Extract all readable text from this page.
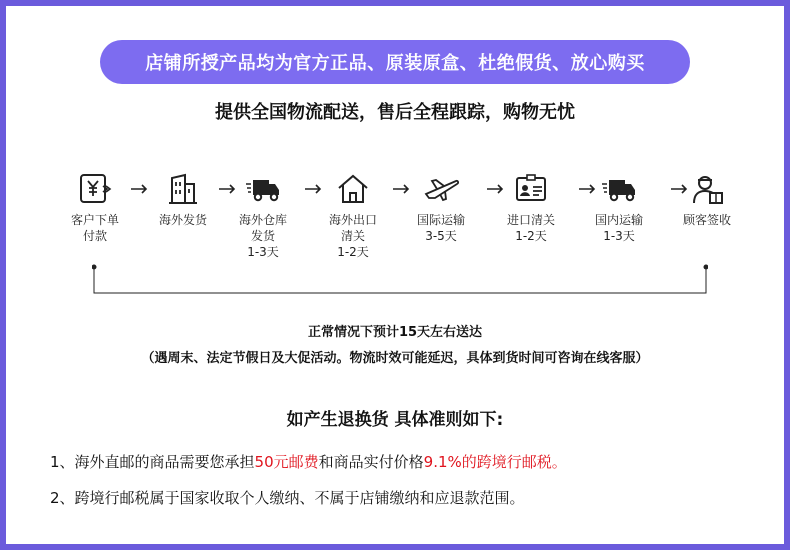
店铺所授产品均为官方正品、原装原盒、杜绝假货、放心购买
提供全国物流配送，售后全程跟踪，购物无忧
客户下单
付款
海外发货	海外仓库
发货
1-3天
海外出口
清关
1-2天
国际运输
3-5天
进口清关
1-2天
国内运输
1-3天
顾客签收
正常情况下预计15天左右送达
（遇周末、法定节假日及大促活动。物流时效可能延迟，具体到货时间可咨询在线客服）
如产生退换货 具体准则如下:
1、海外直邮的商品需要您承担50元邮费和商品实付价格9.1%的跨境行邮税。
2、跨境行邮税属于国家收取个人缴纳、不属于店铺缴纳和应退款范围。
